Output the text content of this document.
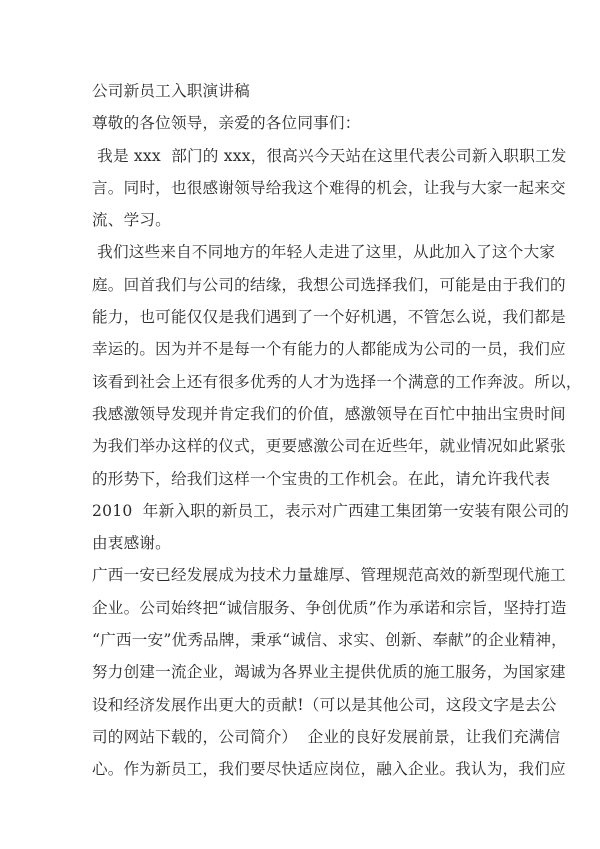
公司新员工入职演讲稿
尊敬的各位领导，亲爱的各位同事们：
我是 xxx  部门的 xxx，很高兴今天站在这里代表公司新入职职工发
言。同时，也很感谢领导给我这个难得的机会，让我与大家一起来交
流、学习。
我们这些来自不同地方的年轻人走进了这里，从此加入了这个大家
庭。回首我们与公司的结缘，我想公司选择我们，可能是由于我们的
能力，也可能仅仅是我们遇到了一个好机遇，不管怎么说，我们都是
幸运的。因为并不是每一个有能力的人都能成为公司的一员，我们应
该看到社会上还有很多优秀的人才为选择一个满意的工作奔波。所以，
我感激领导发现并肯定我们的价值，感激领导在百忙中抽出宝贵时间
为我们举办这样的仪式，更要感激公司在近些年，就业情况如此紧张
的形势下，给我们这样一个宝贵的工作机会。在此，请允许我代表
2010  年新入职的新员工，表示对广西建工集团第一安装有限公司的
由衷感谢。
广西一安已经发展成为技术力量雄厚、管理规范高效的新型现代施工
企业。公司始终把“诚信服务、争创优质”作为承诺和宗旨，坚持打造
“广西一安”优秀品牌，秉承“诚信、求实、创新、奉献”的企业精神，
努力创建一流企业，竭诚为各界业主提供优质的施工服务，为国家建
设和经济发展作出更大的贡献!（可以是其他公司，这段文字是去公
司的网站下载的，公司简介）  企业的良好发展前景，让我们充满信
心。作为新员工，我们要尽快适应岗位，融入企业。我认为，我们应
